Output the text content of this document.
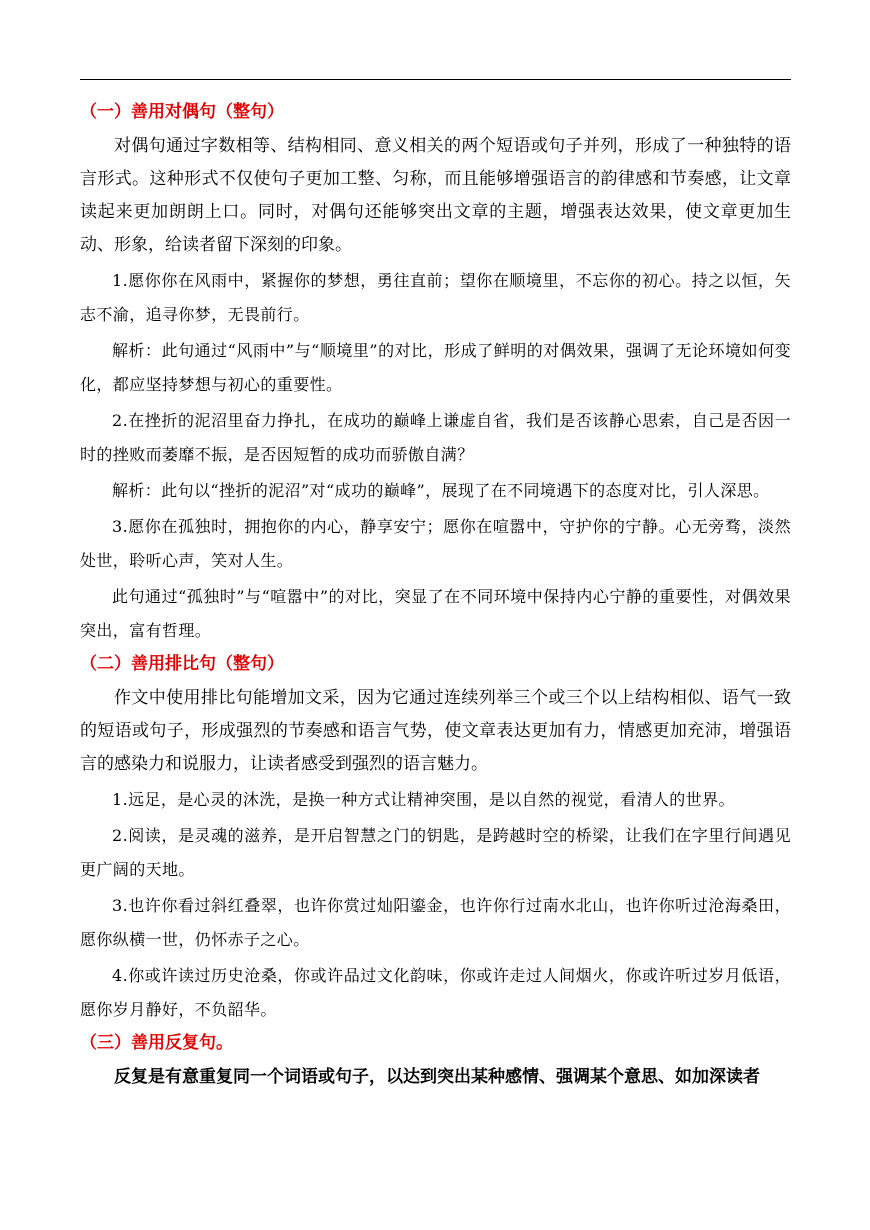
（一）善用对偶句（整句）

对偶句通过字数相等、结构相同、意义相关的两个短语或句子并列，形成了一种独特的语言形式。这种形式不仅使句子更加工整、匀称，而且能够增强语言的韵律感和节奏感，让文章读起来更加朗朗上口。同时，对偶句还能够突出文章的主题，增强表达效果，使文章更加生动、形象，给读者留下深刻的印象。

1.愿你你在风雨中，紧握你的梦想，勇往直前；望你在顺境里，不忘你的初心。持之以恒，矢志不渝，追寻你梦，无畏前行。

解析：此句通过“风雨中”与“顺境里”的对比，形成了鲜明的对偶效果，强调了无论环境如何变化，都应坚持梦想与初心的重要性。

2.在挫折的泥沼里奋力挣扎，在成功的巅峰上谦虚自省，我们是否该静心思索，自己是否因一时的挫败而萎靡不振，是否因短暂的成功而骄傲自满？

解析：此句以“挫折的泥沼”对“成功的巅峰”，展现了在不同境遇下的态度对比，引人深思。

3.愿你在孤独时，拥抱你的内心，静享安宁；愿你在喧嚣中，守护你的宁静。心无旁骛，淡然处世，聆听心声，笑对人生。

此句通过“孤独时”与“喧嚣中”的对比，突显了在不同环境中保持内心宁静的重要性，对偶效果突出，富有哲理。

（二）善用排比句（整句）

作文中使用排比句能增加文采，因为它通过连续列举三个或三个以上结构相似、语气一致的短语或句子，形成强烈的节奏感和语言气势，使文章表达更加有力，情感更加充沛，增强语言的感染力和说服力，让读者感受到强烈的语言魅力。

1.远足，是心灵的沐洗，是换一种方式让精神突围，是以自然的视觉，看清人的世界。

2.阅读，是灵魂的滋养，是开启智慧之门的钥匙，是跨越时空的桥梁，让我们在字里行间遇见更广阔的天地。

3.也许你看过斜红叠翠，也许你赏过灿阳鎏金，也许你行过南水北山，也许你听过沧海桑田，愿你纵横一世，仍怀赤子之心。

4.你或许读过历史沧桑，你或许品过文化韵味，你或许走过人间烟火，你或许听过岁月低语，愿你岁月静好，不负韶华。

（三）善用反复句。

反复是有意重复同一个词语或句子，以达到突出某种感情、强调某个意思、如加深读者
